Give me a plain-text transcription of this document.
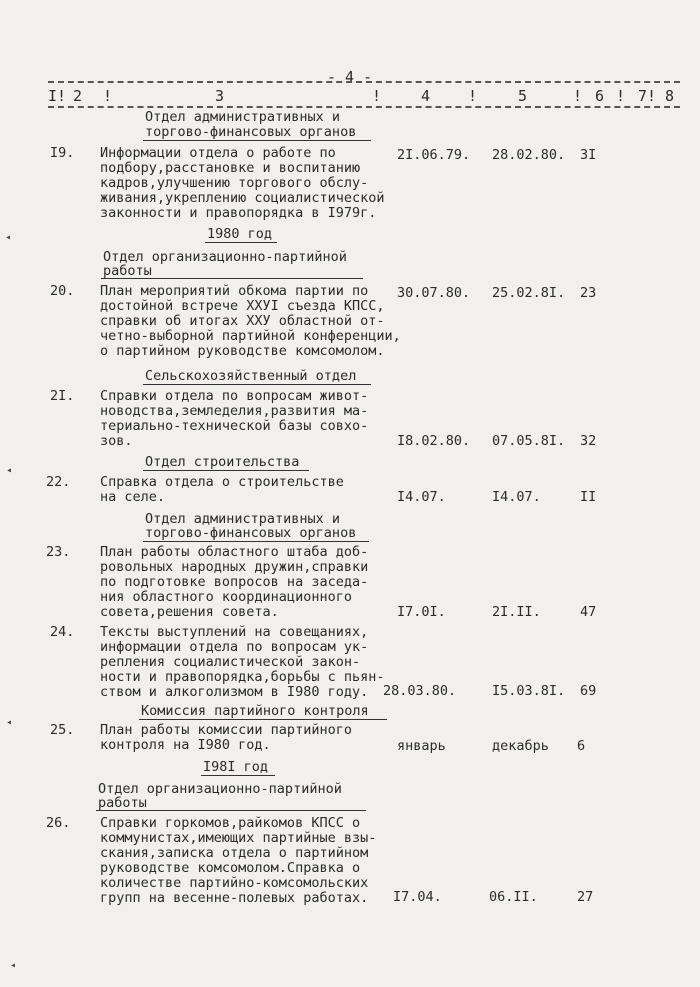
- 4 -
I! 2 !	3	!	4	!	5	! 6 ! 7! 8
Отдел административных и
торгово-финансовых органов
I9. Информации отдела о работе по
подбору,расстановке и воспитанию
кадров,улучшению торгового обслу-
живания,укреплению социалистической
законности и правопорядка в I979г.
2I.06.79. 28.02.80. 3I
1980 год
Отдел организационно-партийной
работы
20. План мероприятий обкома партии по
достойной встрече ХХУI съезда КПСС,
справки об итогах ХХУ областной от-
четно-выборной партийной конференции,
о партийном руководстве комсомолом.
30.07.80. 25.02.8I. 23
Сельскохозяйственный отдел
2I. Справки отдела по вопросам живот-
новодства,земледелия,развития ма-
териально-технической базы совхо-
зов.	I8.02.80. 07.05.8I. 32
Отдел строительства
22. Справка отдела о строительстве
на селе.	I4.07.	I4.07.	II
Отдел административных и
торгово-финансовых органов
23. План работы областного штаба доб-
ровольных народных дружин,справки
по подготовке вопросов на заседа-
ния областного координационного
совета,решения совета.	I7.0I.	2I.II.	47
24. Тексты выступлений на совещаниях,
информации отдела по вопросам ук-
репления социалистической закон-
ности и правопорядка,борьбы с пьян-
ством и алкоголизмом в I980 году.	28.03.80.	I5.03.8I. 69
Комиссия партийного контроля
25. План работы комиссии партийного
контроля на I980 год.	январь	декабрь 6
I98I год
Отдел организационно-партийной
работы
26. Справки горкомов,райкомов КПСС о
коммунистах,имеющих партийные взы-
скания,записка отдела о партийном
руководстве комсомолом.Справка о
количестве партийно-комсомольских
групп на весенне-полевых работах.	I7.04.	06.II.	27
◂
◂
◂
◂
